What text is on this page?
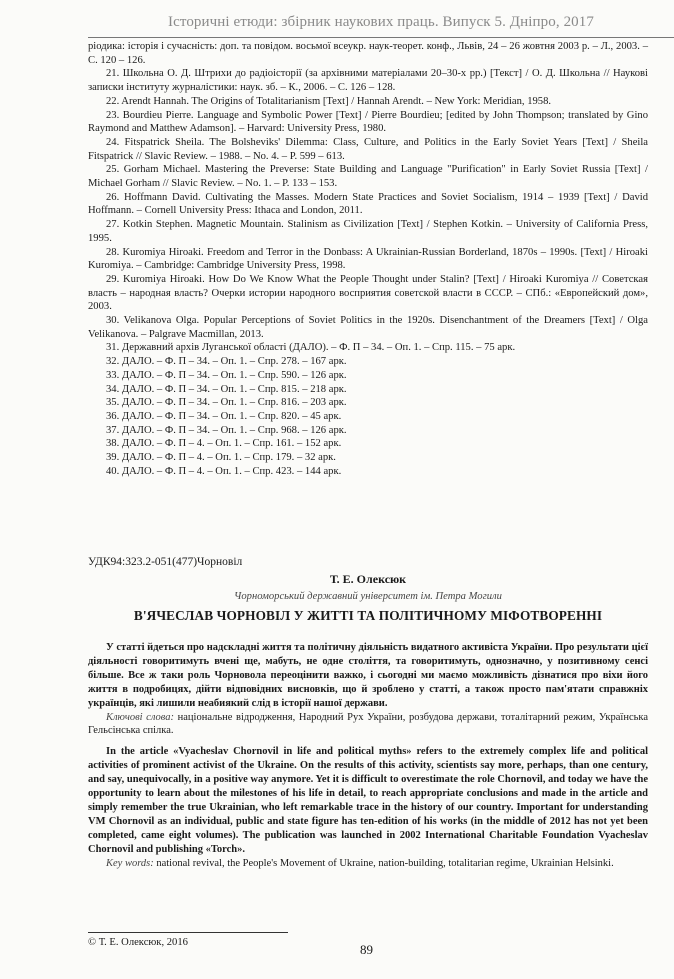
Історичні етюди: збірник наукових праць. Випуск 5. Дніпро, 2017
ріодика: історія і сучасність: доп. та повідом. восьмої всеукр. наук-теорет. конф., Львів, 24 – 26 жовтня 2003 р. – Л., 2003. – С. 120 – 126.
21. Школьна О. Д. Штрихи до радіоісторії (за архівними матеріалами 20–30-х рр.) [Текст] / О. Д. Школьна // Наукові записки інституту журналістики: наук. зб. – К., 2006. – С. 126 – 128.
22. Arendt Hannah. The Origins of Totalitarianism [Text] / Hannah Arendt. – New York: Meridian, 1958.
23. Bourdieu Pierre. Language and Symbolic Power [Text] / Pierre Bourdieu; [edited by John Thompson; translated by Gino Raymond and Matthew Adamson]. – Harvard: University Press, 1980.
24. Fitspatrick Sheila. The Bolsheviks' Dilemma: Class, Culture, and Politics in the Early Soviet Years [Text] / Sheila Fitspatrick // Slavic Review. – 1988. – No. 4. – P. 599 – 613.
25. Gorham Michael. Mastering the Preverse: State Building and Language "Purification" in Early Soviet Russia [Text] / Michael Gorham // Slavic Review. – No. 1. – P. 133 – 153.
26. Hoffmann David. Cultivating the Masses. Modern State Practices and Soviet Socialism, 1914 – 1939 [Text] / David Hoffmann. – Cornell University Press: Ithaca and London, 2011.
27. Kotkin Stephen. Magnetic Mountain. Stalinism as Civilization [Text] / Stephen Kotkin. – University of California Press, 1995.
28. Kuromiya Hiroaki. Freedom and Terror in the Donbass: A Ukrainian-Russian Borderland, 1870s – 1990s. [Text] / Hiroaki Kuromiya. – Cambridge: Cambridge University Press, 1998.
29. Kuromiya Hiroaki. How Do We Know What the People Thought under Stalin? [Text] / Hiroaki Kuromiya // Советская власть – народная власть? Очерки истории народного восприятия советской власти в СССР. – СПб.: «Европейский дом», 2003.
30. Velikanova Olga. Popular Perceptions of Soviet Politics in the 1920s. Disenchantment of the Dreamers [Text] / Olga Velikanova. – Palgrave Macmillan, 2013.
31. Державний архів Луганської області (ДАЛО). – Ф. П – 34. – Оп. 1. – Спр. 115. – 75 арк.
32. ДАЛО. – Ф. П – 34. – Оп. 1. – Спр. 278. – 167 арк.
33. ДАЛО. – Ф. П – 34. – Оп. 1. – Спр. 590. – 126 арк.
34. ДАЛО. – Ф. П – 34. – Оп. 1. – Спр. 815. – 218 арк.
35. ДАЛО. – Ф. П – 34. – Оп. 1. – Спр. 816. – 203 арк.
36. ДАЛО. – Ф. П – 34. – Оп. 1. – Спр. 820. – 45 арк.
37. ДАЛО. – Ф. П – 34. – Оп. 1. – Спр. 968. – 126 арк.
38. ДАЛО. – Ф. П – 4. – Оп. 1. – Спр. 161. – 152 арк.
39. ДАЛО. – Ф. П – 4. – Оп. 1. – Спр. 179. – 32 арк.
40. ДАЛО. – Ф. П – 4. – Оп. 1. – Спр. 423. – 144 арк.
УДК94:323.2-051(477)Чорновіл
Т. Е. Олексюк
Чорноморський державний університет ім. Петра Могили
В'ЯЧЕСЛАВ ЧОРНОВІЛ У ЖИТТІ ТА ПОЛІТИЧНОМУ МІФОТВОРЕННІ

У статті йдеться про надскладні життя та політичну діяльність видатного активіста України. Про результати цієї діяльності говоритимуть вчені ще, мабуть, не одне століття, та говоритимуть, однозначно, у позитивному сенсі більше. Все ж таки роль Чорновола переоцінити важко, і сьогодні ми маємо можливість дізнатися про віхи його життя в подробицях, дійти відповідних висновків, що й зроблено у статті, а також просто пам'ятати справжніх українців, які лишили неабиякий слід в історії нашої держави.

Ключові слова: національне відродження, Народний Рух України, розбудова держави, тоталітарний режим, Українська Гельсінська спілка.

In the article «Vyacheslav Chornovil in life and political myths» refers to the extremely complex life and political activities of prominent activist of the Ukraine. On the results of this activity, scientists say more, perhaps, than one century, and say, unequivocally, in a positive way anymore. Yet it is difficult to overestimate the role Chornovil, and today we have the opportunity to learn about the milestones of his life in detail, to reach appropriate conclusions and made in the article and simply remember the true Ukrainian, who left remarkable trace in the history of our country. Important for understanding VM Chornovil as an individual, public and state figure has ten-edition of his works (in the middle of 2012 has not yet been completed, came eight volumes). The publication was launched in 2002 International Charitable Foundation Vyacheslav Chornovil and publishing «Torch».

Key words: national revival, the People's Movement of Ukraine, nation-building, totalitarian regime, Ukrainian Helsinki.

© Т. Е. Олексюк, 2016	89
